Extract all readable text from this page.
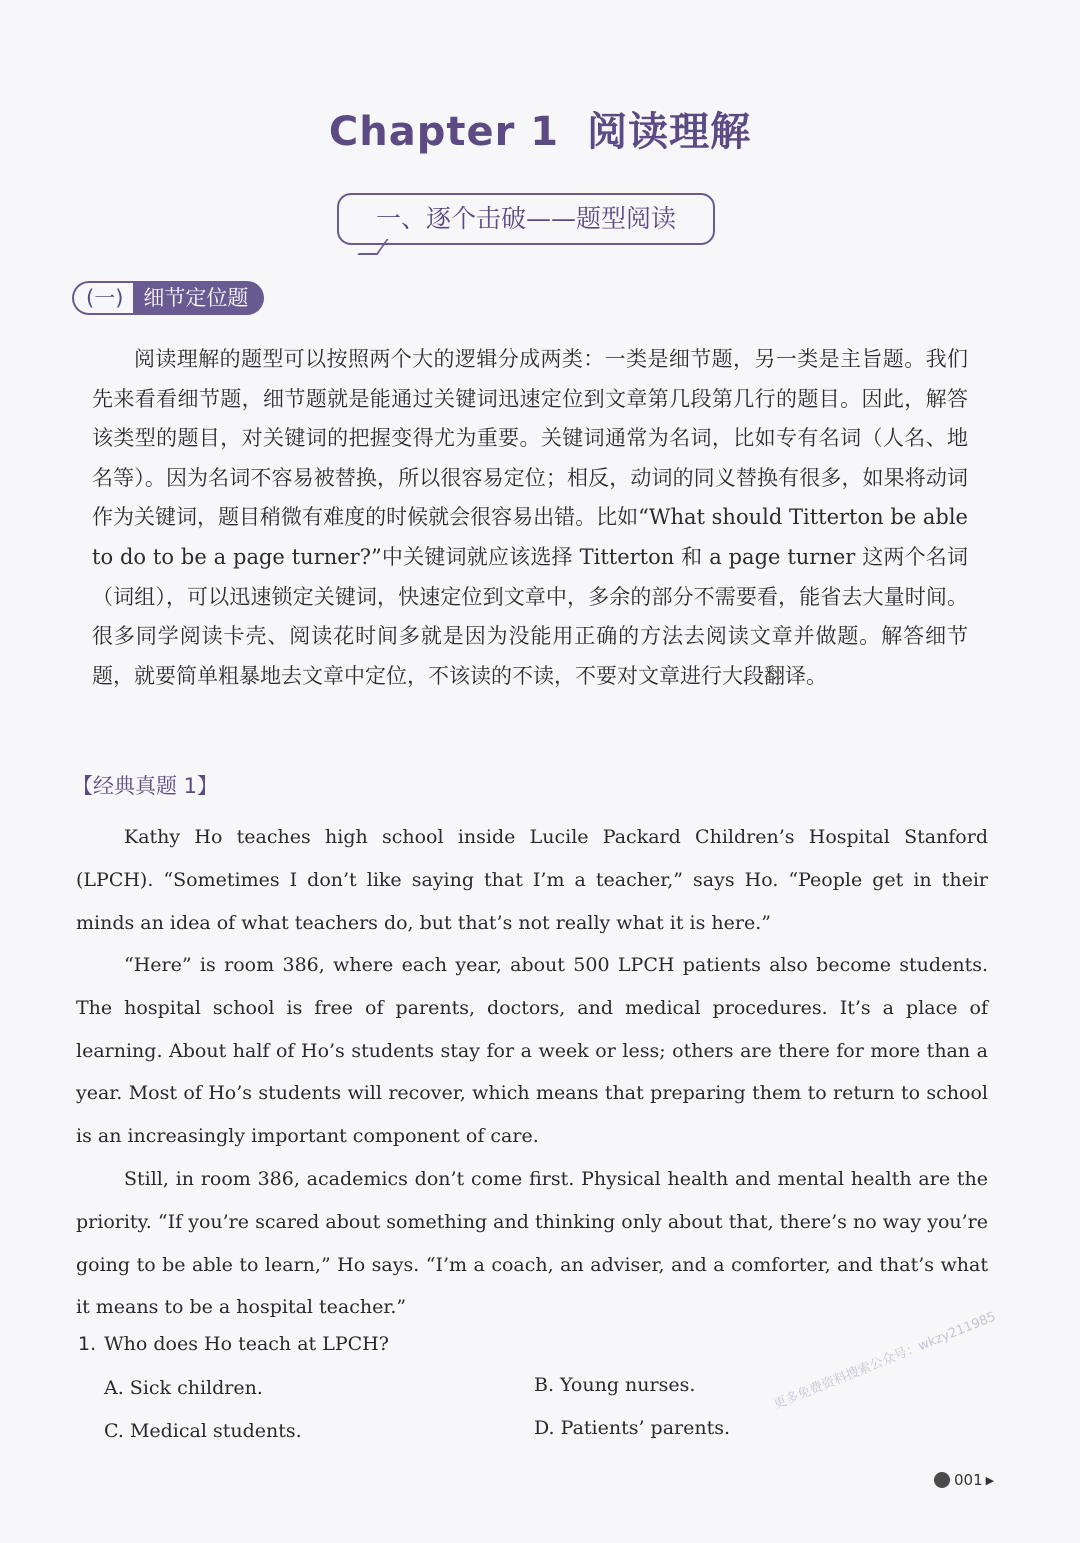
Chapter 1 阅读理解
一、逐个击破——题型阅读
(一) 细节定位题

阅读理解的题型可以按照两个大的逻辑分成两类：一类是细节题，另一类是主旨题。我们先来看看细节题，细节题就是能通过关键词迅速定位到文章第几段第几行的题目。因此，解答该类型的题目，对关键词的把握变得尤为重要。关键词通常为名词，比如专有名词（人名、地名等）。因为名词不容易被替换，所以很容易定位；相反，动词的同义替换有很多，如果将动词作为关键词，题目稍微有难度的时候就会很容易出错。比如“What should Titterton be able to do to be a page turner?”中关键词就应该选择 Titterton 和 a page turner 这两个名词（词组），可以迅速锁定关键词，快速定位到文章中，多余的部分不需要看，能省去大量时间。很多同学阅读卡壳、阅读花时间多就是因为没能用正确的方法去阅读文章并做题。解答细节题，就要简单粗暴地去文章中定位，不该读的不读，不要对文章进行大段翻译。

【经典真题 1】

Kathy Ho teaches high school inside Lucile Packard Children’s Hospital Stanford (LPCH). “Sometimes I don’t like saying that I’m a teacher,” says Ho. “People get in their minds an idea of what teachers do, but that’s not really what it is here.”

“Here” is room 386, where each year, about 500 LPCH patients also become students. The hospital school is free of parents, doctors, and medical procedures. It’s a place of learning. About half of Ho’s students stay for a week or less; others are there for more than a year. Most of Ho’s students will recover, which means that preparing them to return to school is an increasingly important component of care.

Still, in room 386, academics don’t come first. Physical health and mental health are the priority. “If you’re scared about something and thinking only about that, there’s no way you’re going to be able to learn,” Ho says. “I’m a coach, an adviser, and a comforter, and that’s what it means to be a hospital teacher.”

1. Who does Ho teach at LPCH?
A. Sick children.	B. Young nurses.
C. Medical students.	D. Patients’ parents.
更多免费资料搜索公众号：wkzy211985
001 ▶
